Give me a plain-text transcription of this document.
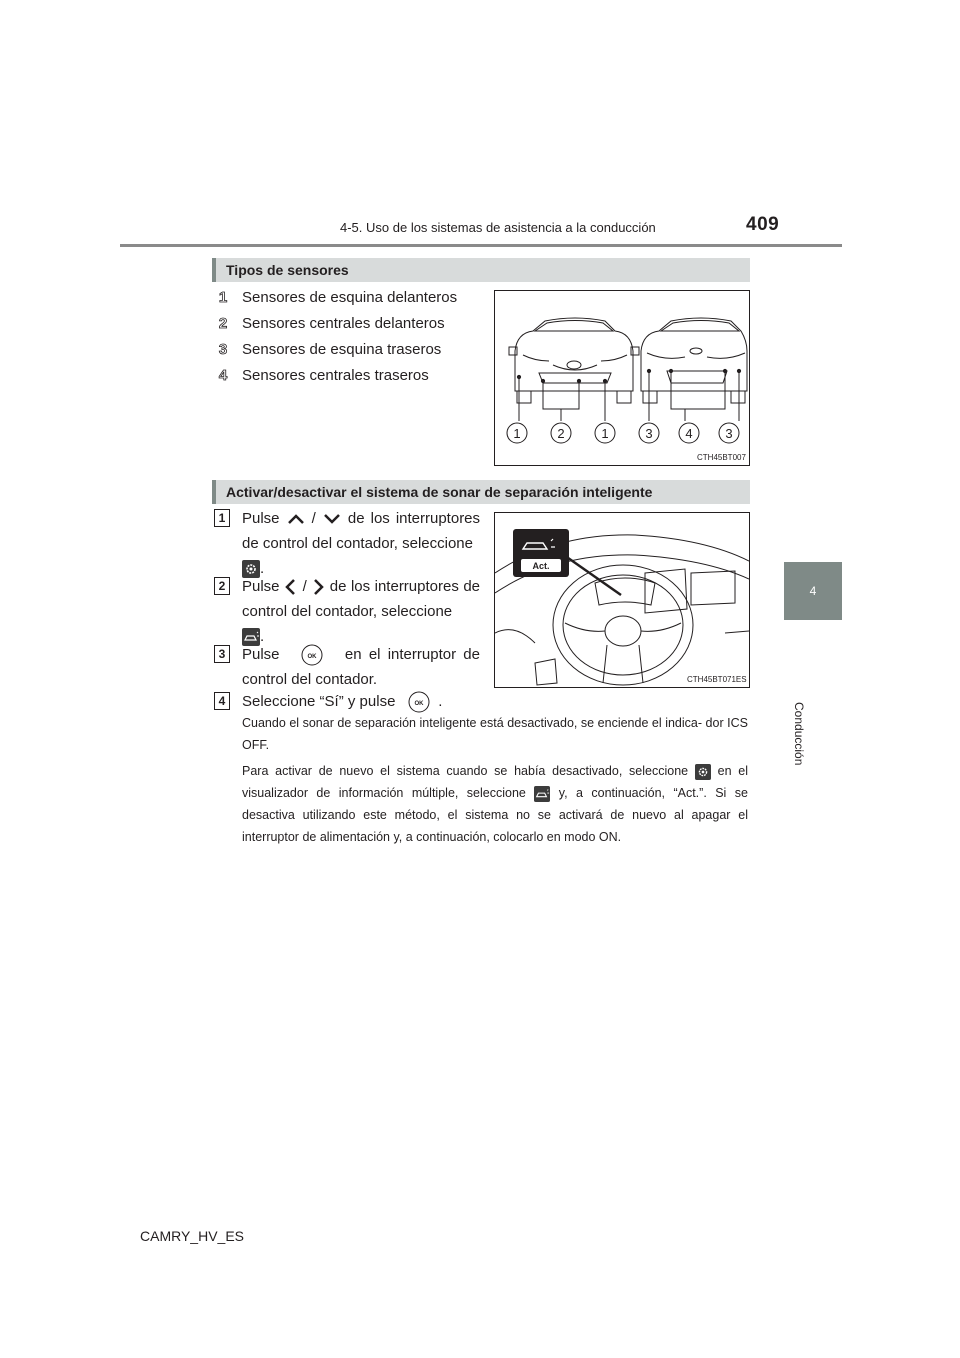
4-5. Uso de los sistemas de asistencia a la conducción	409
4
Conducción
Tipos de sensores
1 Sensores de esquina delanteros
2 Sensores centrales delanteros
3 Sensores de esquina traseros
4 Sensores centrales traseros
1	2	1	3	4	3
CTH45BT007
Activar/desactivar el sistema de sonar de separación inteligente
1	Pulse / de los interruptores de control del contador, seleccione
.
2	Pulse / de los interruptores de control del contador, seleccione
.
3	Pulse	OK en el interruptor de control del contador.
4	Seleccione “Sí” y pulse	OK .
Act.
CTH45BT071ES
Cuando el sonar de separación inteligente está desactivado, se enciende el indica- dor ICS OFF.
Para activar de nuevo el sistema cuando se había desactivado, seleccione en el visualizador de información múltiple, seleccione	y, a continuación, “Act.”. Si se desactiva utilizando este método, el sistema no se activará de nuevo al apagar el interruptor de alimentación y, a continuación, colocarlo en modo ON.
CAMRY_HV_ES
